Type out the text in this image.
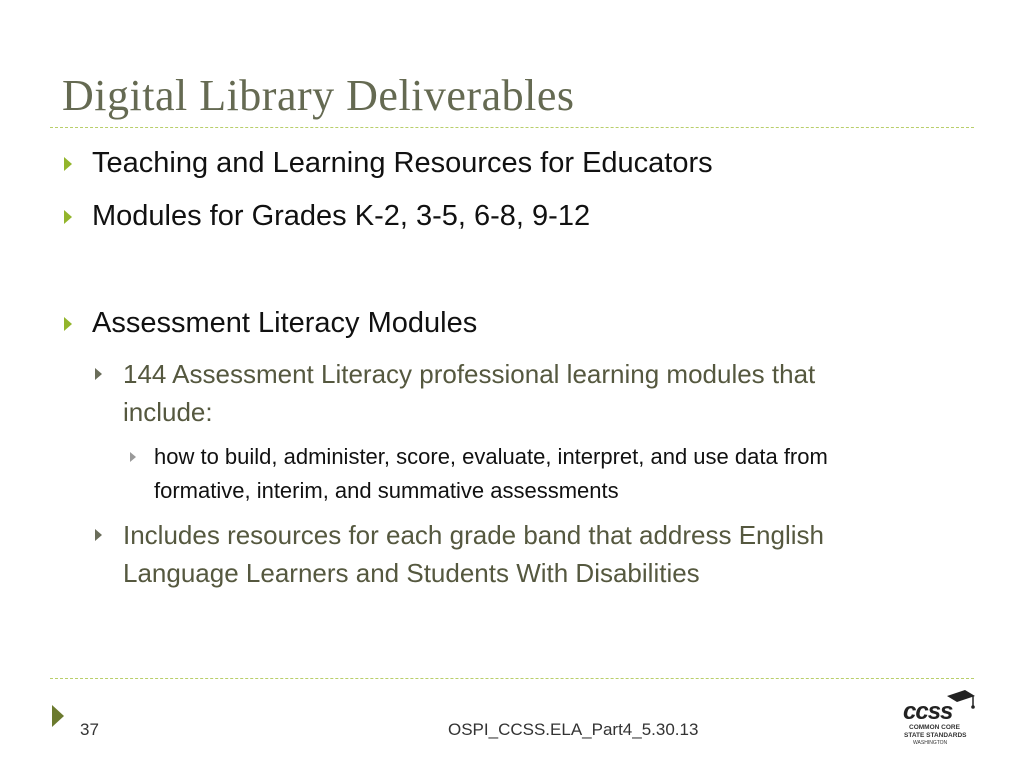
Digital Library Deliverables
Teaching and Learning Resources for Educators
Modules for Grades K-2, 3-5, 6-8, 9-12
Assessment Literacy Modules
144 Assessment Literacy professional learning modules that
include:
how to build, administer, score, evaluate, interpret, and use data from
formative, interim, and summative assessments
Includes resources for each grade band that address English
Language Learners and Students With Disabilities
37	OSPI_CCSS.ELA_Part4_5.30.13
ccss
COMMON CORE
STATE STANDARDS
WASHINGTON
